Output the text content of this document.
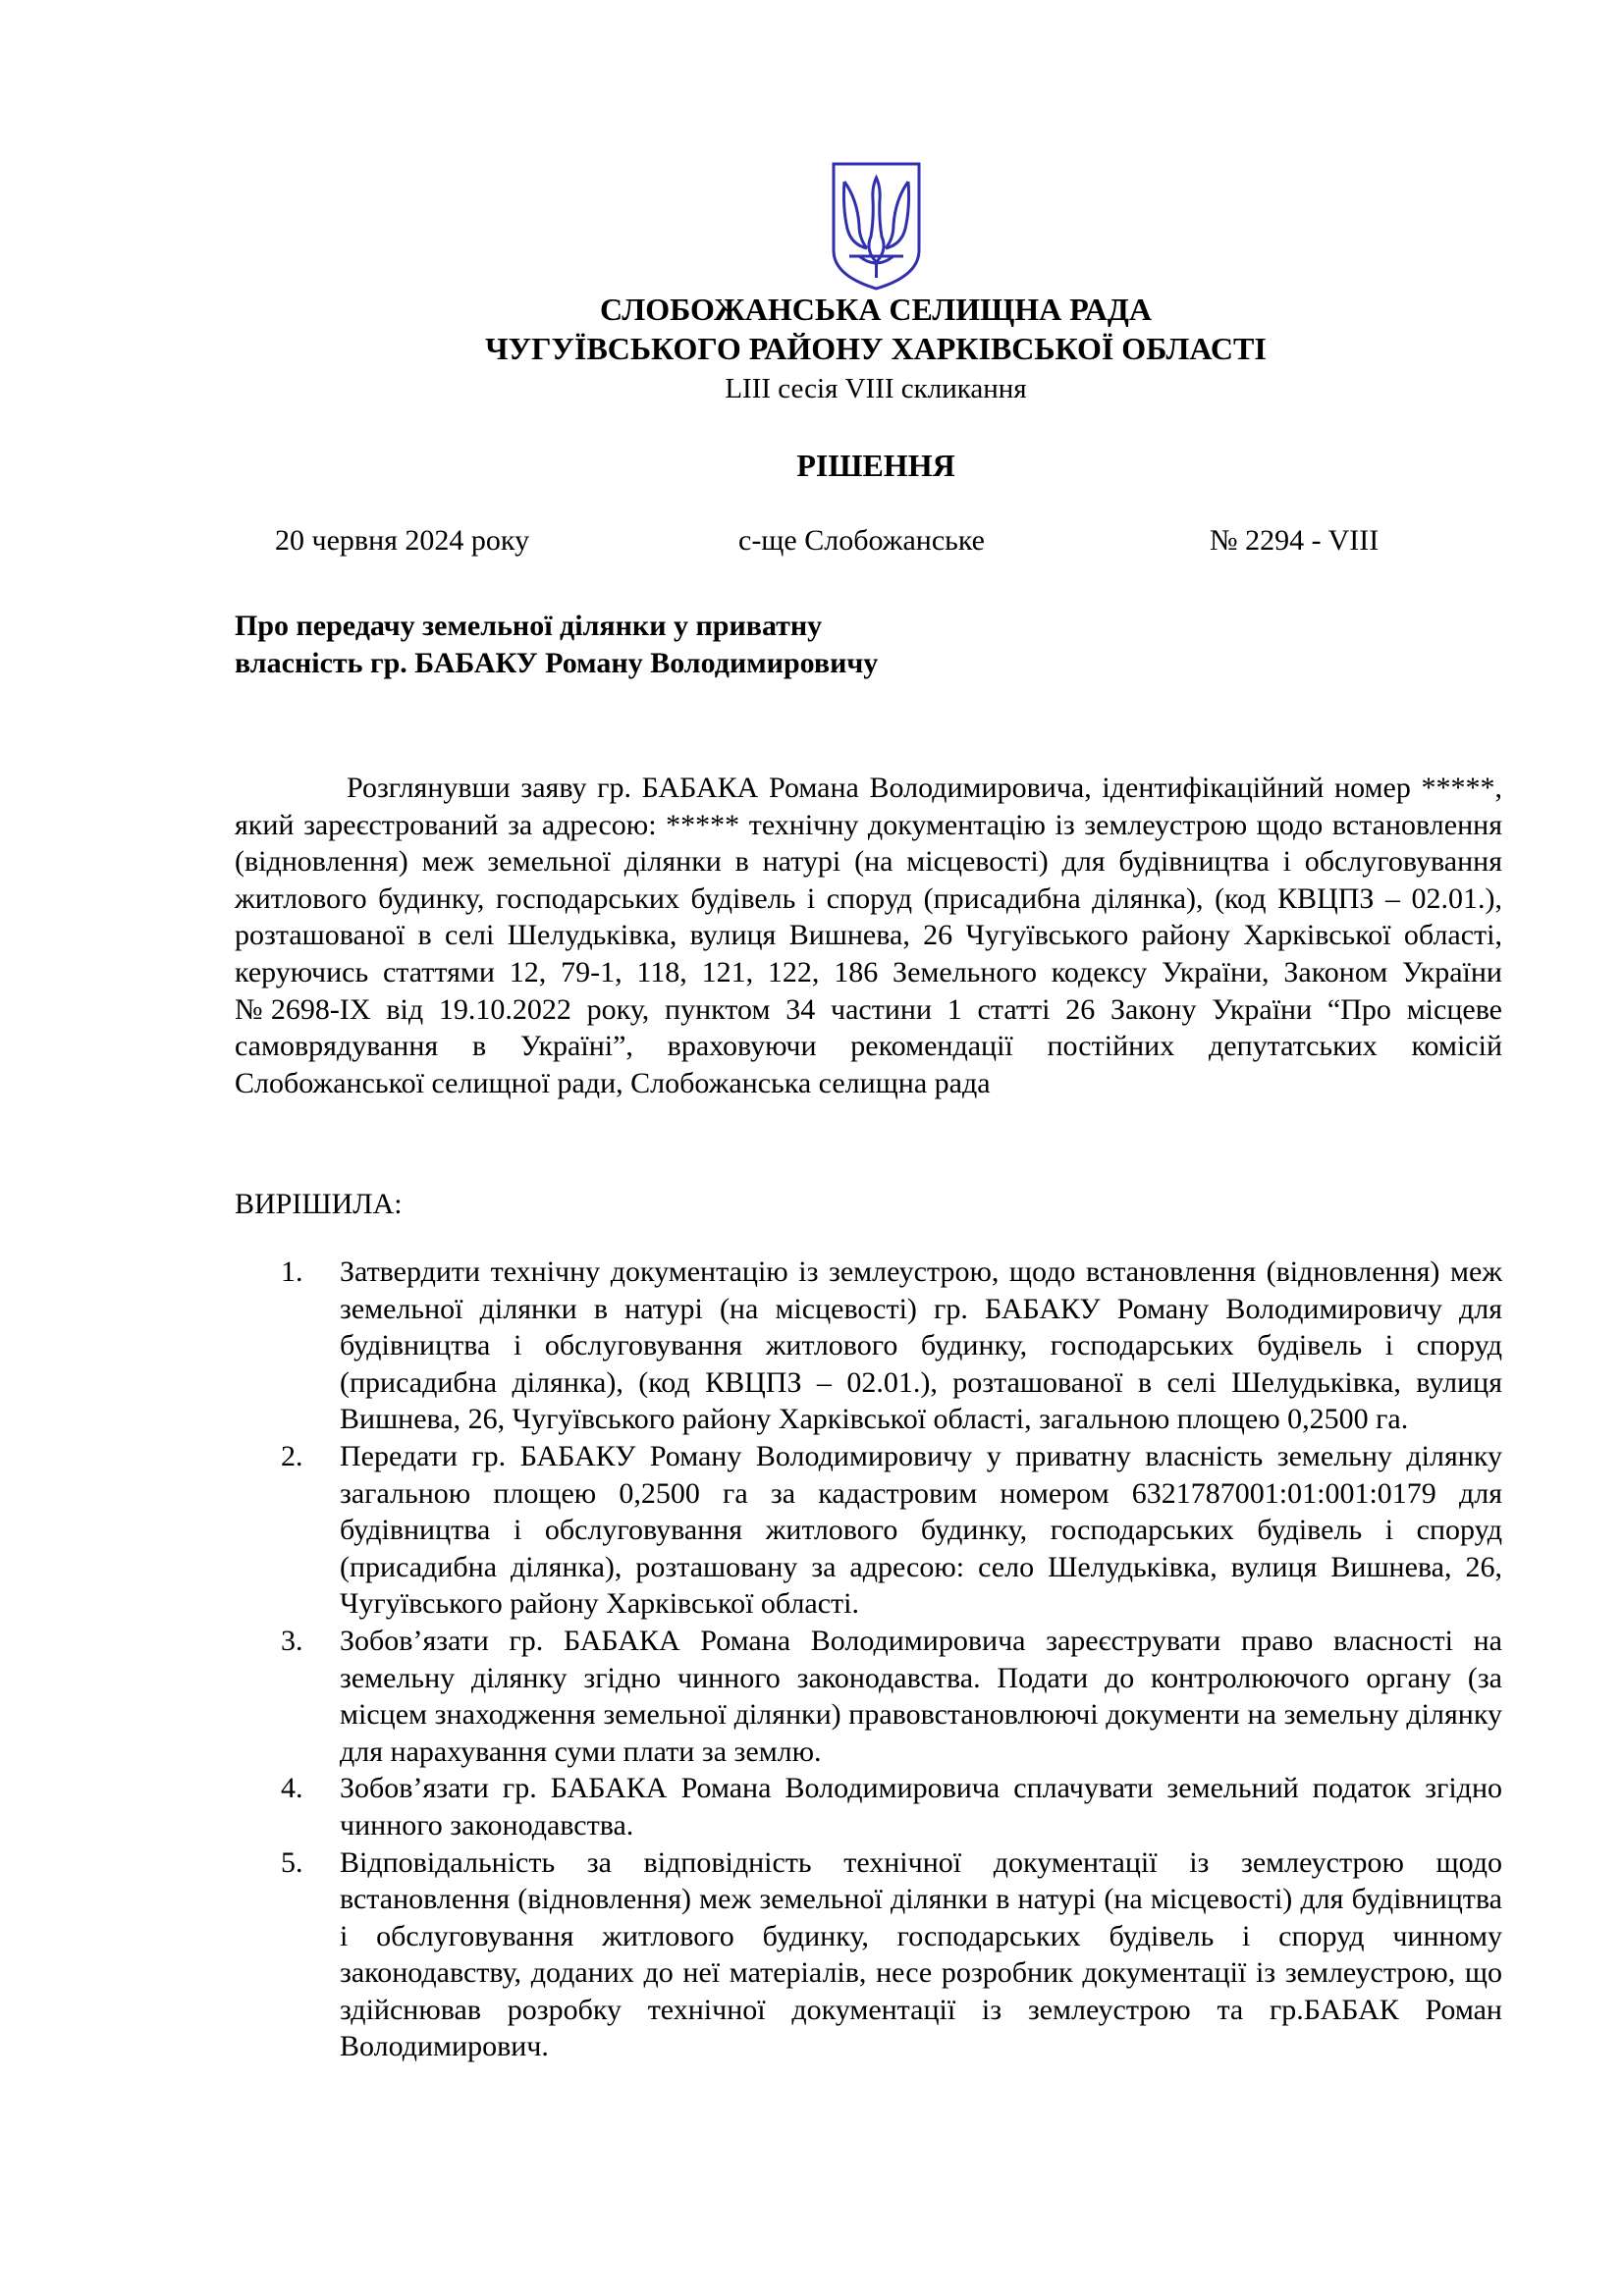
СЛОБОЖАНСЬКА СЕЛИЩНА РАДА
ЧУГУЇВСЬКОГО РАЙОНУ ХАРКІВСЬКОЇ ОБЛАСТІ
LIII сесія VIII скликання
РІШЕННЯ
20 червня 2024 року	с-ще Слобожанське	№ 2294 - VIII
Про передачу земельної ділянки у приватну
власність гр. БАБАКУ Роману Володимировичу

Розглянувши заяву гр. БАБАКА Романа Володимировича, ідентифікаційний номер *****, який зареєстрований за адресою: ***** технічну документацію із землеустрою щодо встановлення (відновлення) меж земельної ділянки в натурі (на місцевості) для будівництва і обслуговування житлового будинку, господарських будівель і споруд (присадибна ділянка), (код КВЦПЗ – 02.01.), розташованої в селі Шелудьківка, вулиця Вишнева, 26 Чугуївського району Харківської області, керуючись статтями 12, 79-1, 118, 121, 122, 186 Земельного кодексу України, Законом України №2698-IX від 19.10.2022 року, пунктом 34 частини 1 статті 26 Закону України “Про місцеве самоврядування в Україні”, враховуючи рекомендації постійних депутатських комісій Слобожанської селищної ради, Слобожанська селищна рада

ВИРІШИЛА:
1. Затвердити технічну документацію із землеустрою, щодо встановлення (відновлення) меж земельної ділянки в натурі (на місцевості) гр. БАБАКУ Роману Володимировичу для будівництва і обслуговування житлового будинку, господарських будівель і споруд (присадибна ділянка), (код КВЦПЗ – 02.01.), розташованої в селі Шелудьківка, вулиця Вишнева, 26, Чугуївського району Харківської області, загальною площею 0,2500 га.
2. Передати гр. БАБАКУ Роману Володимировичу у приватну власність земельну ділянку загальною площею 0,2500 га за кадастровим номером 6321787001:01:001:0179 для будівництва і обслуговування житлового будинку, господарських будівель і споруд (присадибна ділянка), розташовану за адресою: село Шелудьківка, вулиця Вишнева, 26, Чугуївського району Харківської області.
3. Зобов’язати гр. БАБАКА Романа Володимировича зареєструвати право власності на земельну ділянку згідно чинного законодавства. Подати до контролюючого органу (за місцем знаходження земельної ділянки) правовстановлюючі документи на земельну ділянку для нарахування суми плати за землю.
4. Зобов’язати гр. БАБАКА Романа Володимировича сплачувати земельний податок згідно чинного законодавства.
5. Відповідальність за відповідність технічної документації із землеустрою щодо встановлення (відновлення) меж земельної ділянки в натурі (на місцевості) для будівництва і обслуговування житлового будинку, господарських будівель і споруд чинному законодавству, доданих до неї матеріалів, несе розробник документації із землеустрою, що здійснював розробку технічної документації із землеустрою та гр.БАБАК Роман Володимирович.
